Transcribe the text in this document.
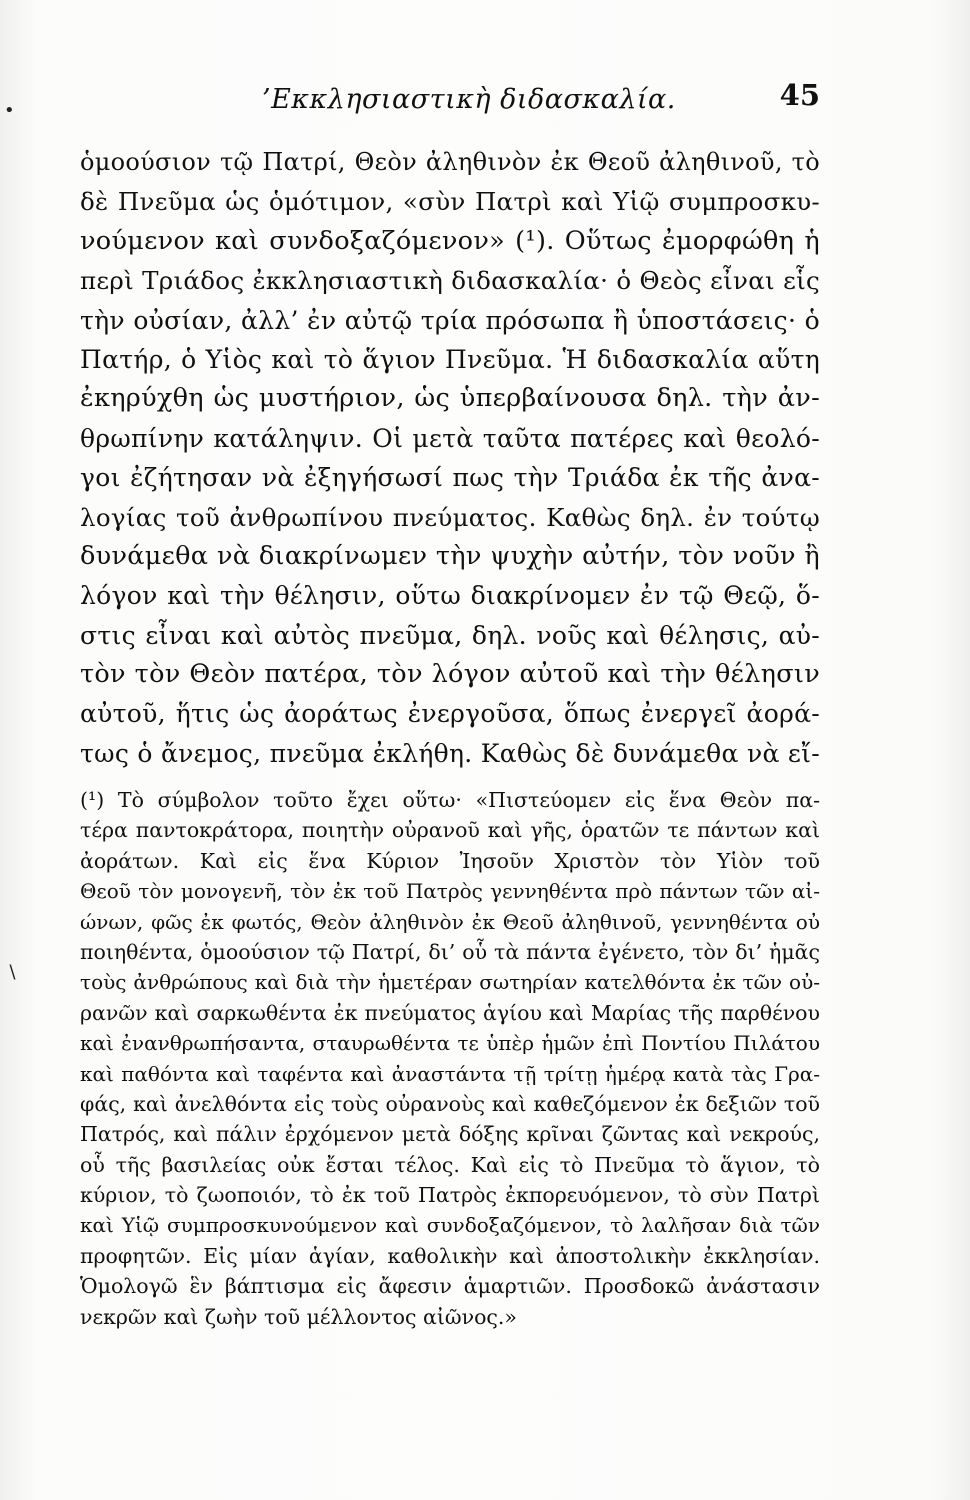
•
∖
’Εκκλησιαστικὴ διδασκαλία.	45
ὁμοούσιον τῷ Πατρί, Θεὸν ἀληθινὸν ἐκ Θεοῦ ἀληθινοῦ, τὸ
δὲ Πνεῦμα ὡς ὁμότιμον, «σὺν Πατρὶ καὶ Υἱῷ συμπροσκυ-
νούμενον καὶ συνδοξαζόμενον» (¹). Οὕτως ἐμορφώθη ἡ
περὶ Τριάδος ἐκκλησιαστικὴ διδασκαλία· ὁ Θεὸς εἶναι εἷς
τὴν οὐσίαν, ἀλλ’ ἐν αὐτῷ τρία πρόσωπα ἢ ὑποστάσεις· ὁ
Πατήρ, ὁ Υἱὸς καὶ τὸ ἅγιον Πνεῦμα. Ἡ διδασκαλία αὕτη
ἐκηρύχθη ὡς μυστήριον, ὡς ὑπερβαίνουσα δηλ. τὴν ἀν-
θρωπίνην κατάληψιν. Οἱ μετὰ ταῦτα πατέρες καὶ θεολό-
γοι ἐζήτησαν νὰ ἐξηγήσωσί πως τὴν Τριάδα ἐκ τῆς ἀνα-
λογίας τοῦ ἀνθρωπίνου πνεύματος. Καθὼς δηλ. ἐν τούτῳ
δυνάμεθα νὰ διακρίνωμεν τὴν ψυχὴν αὐτήν, τὸν νοῦν ἢ
λόγον καὶ τὴν θέλησιν, οὕτω διακρίνομεν ἐν τῷ Θεῷ, ὅ-
στις εἶναι καὶ αὐτὸς πνεῦμα, δηλ. νοῦς καὶ θέλησις, αὐ-
τὸν τὸν Θεὸν πατέρα, τὸν λόγον αὐτοῦ καὶ τὴν θέλησιν
αὐτοῦ, ἥτις ὡς ἀοράτως ἐνεργοῦσα, ὅπως ἐνεργεῖ ἀορά-
τως ὁ ἄνεμος, πνεῦμα ἐκλήθη. Καθὼς δὲ δυνάμεθα νὰ εἴ-
(¹) Τὸ σύμβολον τοῦτο ἔχει οὕτω· «Πιστεύομεν εἰς ἕνα Θεὸν πα-
τέρα παντοκράτορα, ποιητὴν οὐρανοῦ καὶ γῆς, ὁρατῶν τε πάντων καὶ
ἀοράτων. Καὶ εἰς ἕνα Κύριον Ἰησοῦν Χριστὸν τὸν Υἱὸν τοῦ
Θεοῦ τὸν μονογενῆ, τὸν ἐκ τοῦ Πατρὸς γεννηθέντα πρὸ πάντων τῶν αἰ-
ώνων, φῶς ἐκ φωτός, Θεὸν ἀληθινὸν ἐκ Θεοῦ ἀληθινοῦ, γεννηθέντα οὐ
ποιηθέντα, ὁμοούσιον τῷ Πατρί, δι’ οὗ τὰ πάντα ἐγένετο, τὸν δι’ ἡμᾶς
τοὺς ἀνθρώπους καὶ διὰ τὴν ἡμετέραν σωτηρίαν κατελθόντα ἐκ τῶν οὐ-
ρανῶν καὶ σαρκωθέντα ἐκ πνεύματος ἁγίου καὶ Μαρίας τῆς παρθένου
καὶ ἐνανθρωπήσαντα, σταυρωθέντα τε ὑπὲρ ἡμῶν ἐπὶ Ποντίου Πιλάτου
καὶ παθόντα καὶ ταφέντα καὶ ἀναστάντα τῇ τρίτῃ ἡμέρᾳ κατὰ τὰς Γρα-
φάς, καὶ ἀνελθόντα εἰς τοὺς οὐρανοὺς καὶ καθεζόμενον ἐκ δεξιῶν τοῦ
Πατρός, καὶ πάλιν ἐρχόμενον μετὰ δόξης κρῖναι ζῶντας καὶ νεκρούς,
οὗ τῆς βασιλείας οὐκ ἔσται τέλος. Καὶ εἰς τὸ Πνεῦμα τὸ ἅγιον, τὸ
κύριον, τὸ ζωοποιόν, τὸ ἐκ τοῦ Πατρὸς ἐκπορευόμενον, τὸ σὺν Πατρὶ
καὶ Υἱῷ συμπροσκυνούμενον καὶ συνδοξαζόμενον, τὸ λαλῆσαν διὰ τῶν
προφητῶν. Εἰς μίαν ἁγίαν, καθολικὴν καὶ ἀποστολικὴν ἐκκλησίαν.
Ὁμολογῶ ἓν βάπτισμα εἰς ἄφεσιν ἁμαρτιῶν. Προσδοκῶ ἀνάστασιν
νεκρῶν καὶ ζωὴν τοῦ μέλλοντος αἰῶνος.»
